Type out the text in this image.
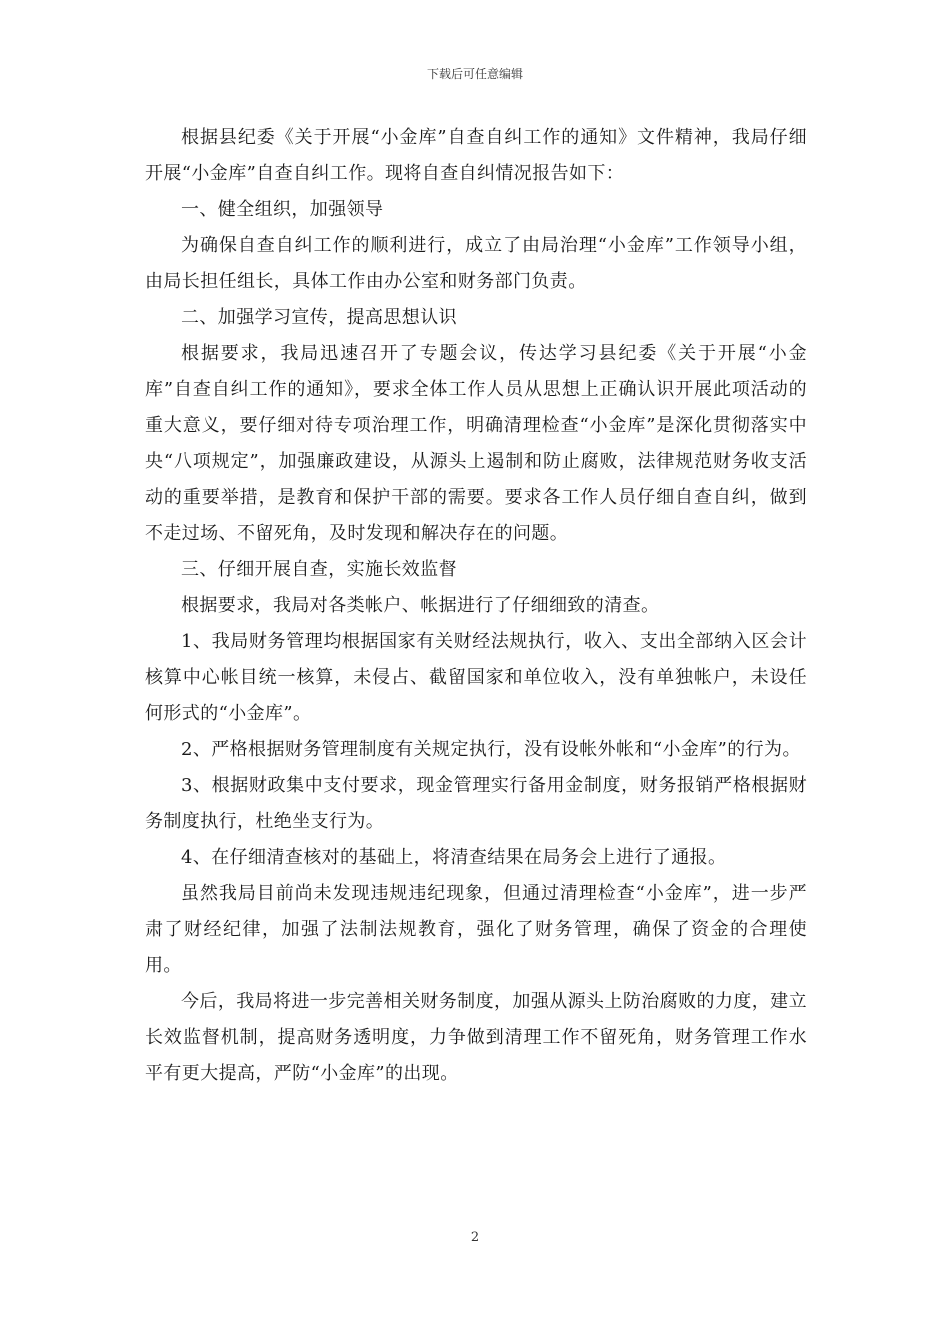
下载后可任意编辑

根据县纪委《关于开展“小金库”自查自纠工作的通知》文件精神，我局仔细开展“小金库”自查自纠工作。现将自查自纠情况报告如下：

一、健全组织，加强领导

为确保自查自纠工作的顺利进行，成立了由局治理“小金库”工作领导小组，由局长担任组长，具体工作由办公室和财务部门负责。

二、加强学习宣传，提高思想认识

根据要求，我局迅速召开了专题会议，传达学习县纪委《关于开展“小金库”自查自纠工作的通知》，要求全体工作人员从思想上正确认识开展此项活动的重大意义，要仔细对待专项治理工作，明确清理检查“小金库”是深化贯彻落实中央“八项规定”，加强廉政建设，从源头上遏制和防止腐败，法律规范财务收支活动的重要举措，是教育和保护干部的需要。要求各工作人员仔细自查自纠，做到不走过场、不留死角，及时发现和解决存在的问题。

三、仔细开展自查，实施长效监督

根据要求，我局对各类帐户、帐据进行了仔细细致的清查。

1、我局财务管理均根据国家有关财经法规执行，收入、支出全部纳入区会计核算中心帐目统一核算，未侵占、截留国家和单位收入，没有单独帐户，未设任何形式的“小金库”。

2、严格根据财务管理制度有关规定执行，没有设帐外帐和“小金库”的行为。

3、根据财政集中支付要求，现金管理实行备用金制度，财务报销严格根据财务制度执行，杜绝坐支行为。

4、在仔细清查核对的基础上，将清查结果在局务会上进行了通报。

虽然我局目前尚未发现违规违纪现象，但通过清理检查“小金库”，进一步严肃了财经纪律，加强了法制法规教育，强化了财务管理，确保了资金的合理使用。

今后，我局将进一步完善相关财务制度，加强从源头上防治腐败的力度，建立长效监督机制，提高财务透明度，力争做到清理工作不留死角，财务管理工作水平有更大提高，严防“小金库”的出现。

2
